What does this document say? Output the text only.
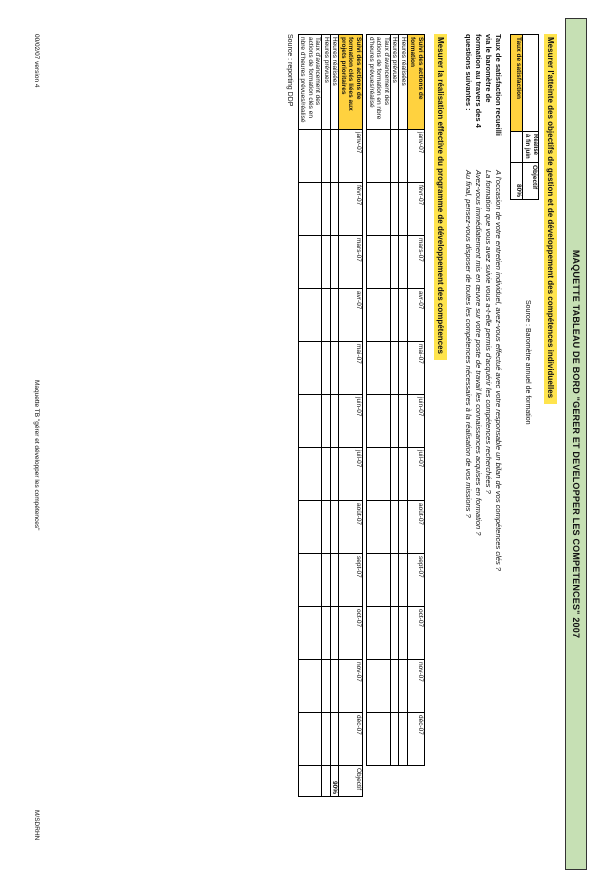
MAQUETTE TABLEAU DE BORD "GERER ET DEVELOPPER LES COMPETENCES" 2007
Mesurer l'atteinte des objectifs de gestion et de développement des compétences individuelles
	Réalisé à fin juin	Objectif
Taux de satisfaction		80%
Source : Baromètre annuel de formation
Taux de satisfaction recueilli
via le baromètre de
formation au travers des 4
questions suivantes :
A l'occasion de votre entretien individuel, avez-vous effectué avec votre responsable un bilan de vos compétences clés ?
La formation que vous avez suivie vous a-t-elle permis d'acquérir les compétences recherchées ?
Avez-vous immédiatement mis en œuvre sur votre poste de travail les connaissances acquises en formation ?
Au final, pensez-vous disposer de toutes les compétences nécessaires à la réalisation de vos missions ?
Mesurer la réalisation effective du programme de développement des compétences
Suivi des actions de formation	janv-07	févr-07	mars-07	avr-07	mai-07	juin-07	juil-07	août-07	sept-07	oct-07	nov-07	déc-07
Heures réalisées												
Heures prévues												
Taux d'avancement des actions de formation en nbre d'heures prévues/réalisé												
Suivi des actions de formation clés liées aux projets prioritaires	janv-07	févr-07	mars-07	avr-07	mai-07	juin-07	juil-07	août-07	sept-07	oct-07	nov-07	déc-07	Objectif
Heures réalisées													90%
Heures prévues													
Taux d'avancement des actions de formation clés en nbre d'heures prévues/réalisé													
Source : reporting DDP
00/02/07 version 4
Maquette TB "gérer et développer les compétences"
M/SDRHN
